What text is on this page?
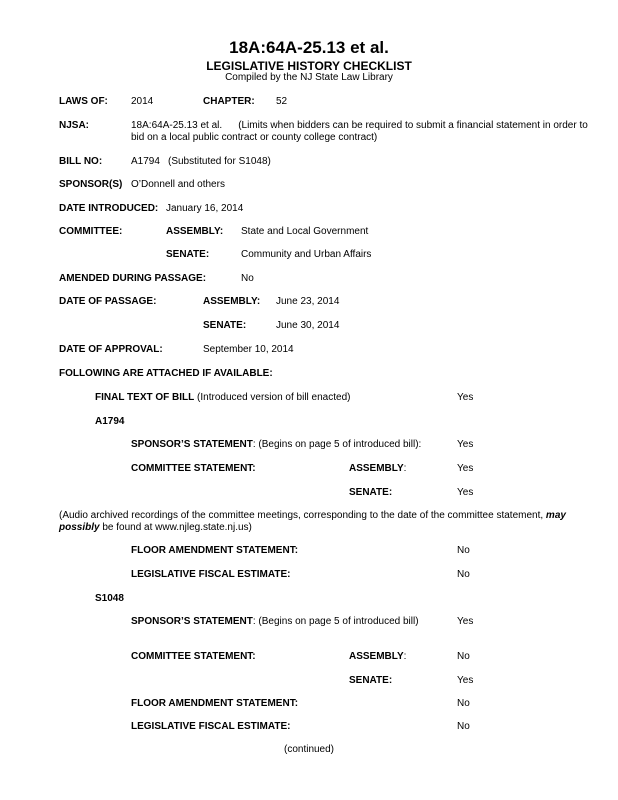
18A:64A-25.13 et al.
LEGISLATIVE HISTORY CHECKLIST
Compiled by the NJ State Law Library
LAWS OF: 2014	CHAPTER: 52
NJSA:	18A:64A-25.13 et al. (Limits when bidders can be required to submit a financial statement in order to bid on a local public contract or county college contract)
BILL NO:	A1794 (Substituted for S1048)
SPONSOR(S) O’Donnell and others
DATE INTRODUCED: January 16, 2014
COMMITTEE:	ASSEMBLY: State and Local Government
SENATE:	Community and Urban Affairs
AMENDED DURING PASSAGE:	No
DATE OF PASSAGE:	ASSEMBLY: June 23, 2014
SENATE:	June 30, 2014
DATE OF APPROVAL:	September 10, 2014
FOLLOWING ARE ATTACHED IF AVAILABLE:
FINAL TEXT OF BILL (Introduced version of bill enacted)	Yes
A1794
SPONSOR’S STATEMENT: (Begins on page 5 of introduced bill):	Yes
COMMITTEE STATEMENT:	ASSEMBLY:	Yes
SENATE:	Yes
(Audio archived recordings of the committee meetings, corresponding to the date of the committee statement, may possibly be found at www.njleg.state.nj.us)
FLOOR AMENDMENT STATEMENT:	No
LEGISLATIVE FISCAL ESTIMATE:	No
S1048
SPONSOR’S STATEMENT: (Begins on page 5 of introduced bill)	Yes
COMMITTEE STATEMENT:	ASSEMBLY:	No
SENATE:	Yes
FLOOR AMENDMENT STATEMENT:	No
LEGISLATIVE FISCAL ESTIMATE:	No
(continued)
